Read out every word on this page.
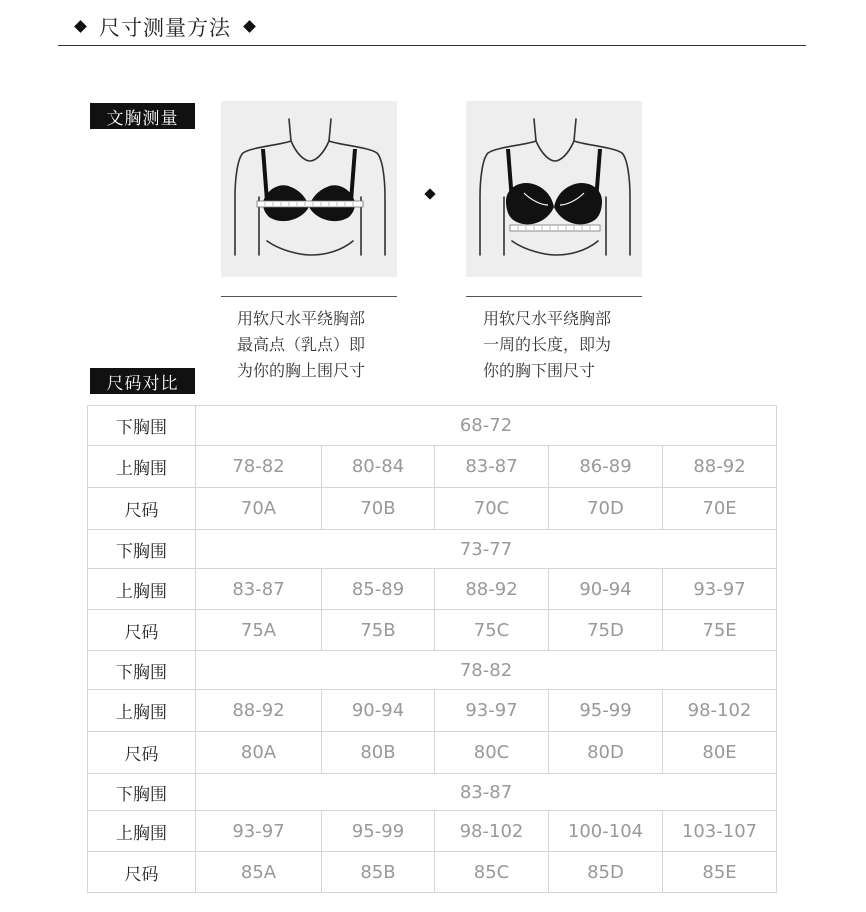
尺寸测量方法
文胸测量
用软尺水平绕胸部
最高点（乳点）即
为你的胸上围尺寸
用软尺水平绕胸部
一周的长度，即为
你的胸下围尺寸
尺码对比
下胸围	68-72				
上胸围	78-82	80-84	83-87	86-89	88-92
尺码	70A	70B	70C	70D	70E
下胸围	73-77				
上胸围	83-87	85-89	88-92	90-94	93-97
尺码	75A	75B	75C	75D	75E
下胸围	78-82				
上胸围	88-92	90-94	93-97	95-99	98-102
尺码	80A	80B	80C	80D	80E
下胸围	83-87				
上胸围	93-97	95-99	98-102	100-104	103-107
尺码	85A	85B	85C	85D	85E
